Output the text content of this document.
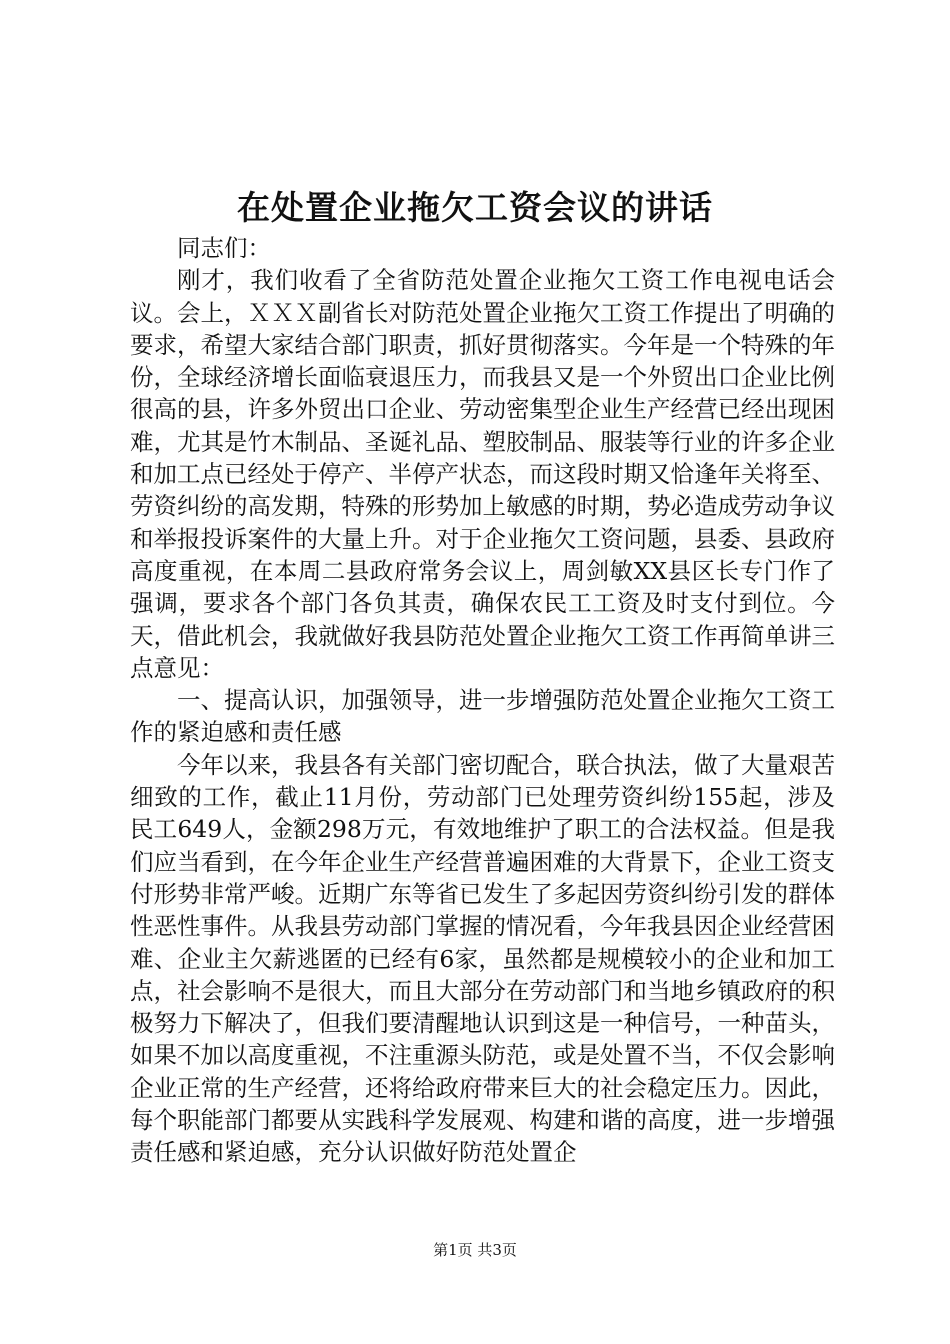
在处置企业拖欠工资会议的讲话

同志们：

刚才，我们收看了全省防范处置企业拖欠工资工作电视电话会议。会上，ＸＸＸ副省长对防范处置企业拖欠工资工作提出了明确的要求，希望大家结合部门职责，抓好贯彻落实。今年是一个特殊的年份，全球经济增长面临衰退压力，而我县又是一个外贸出口企业比例很高的县，许多外贸出口企业、劳动密集型企业生产经营已经出现困难，尤其是竹木制品、圣诞礼品、塑胶制品、服装等行业的许多企业和加工点已经处于停产、半停产状态，而这段时期又恰逢年关将至、劳资纠纷的高发期，特殊的形势加上敏感的时期，势必造成劳动争议和举报投诉案件的大量上升。对于企业拖欠工资问题，县委、县政府高度重视，在本周二县政府常务会议上，周剑敏XX县区长专门作了强调，要求各个部门各负其责，确保农民工工资及时支付到位。今天，借此机会，我就做好我县防范处置企业拖欠工资工作再简单讲三点意见：

一、提高认识，加强领导，进一步增强防范处置企业拖欠工资工作的紧迫感和责任感

今年以来，我县各有关部门密切配合，联合执法，做了大量艰苦细致的工作，截止11月份，劳动部门已处理劳资纠纷155起，涉及民工649人，金额298万元，有效地维护了职工的合法权益。但是我们应当看到，在今年企业生产经营普遍困难的大背景下，企业工资支付形势非常严峻。近期广东等省已发生了多起因劳资纠纷引发的群体性恶性事件。从我县劳动部门掌握的情况看，今年我县因企业经营困难、企业主欠薪逃匿的已经有6家，虽然都是规模较小的企业和加工点，社会影响不是很大，而且大部分在劳动部门和当地乡镇政府的积极努力下解决了，但我们要清醒地认识到这是一种信号，一种苗头，如果不加以高度重视，不注重源头防范，或是处置不当，不仅会影响企业正常的生产经营，还将给政府带来巨大的社会稳定压力。因此，每个职能部门都要从实践科学发展观、构建和谐的高度，进一步增强责任感和紧迫感，充分认识做好防范处置企

第1页 共3页
